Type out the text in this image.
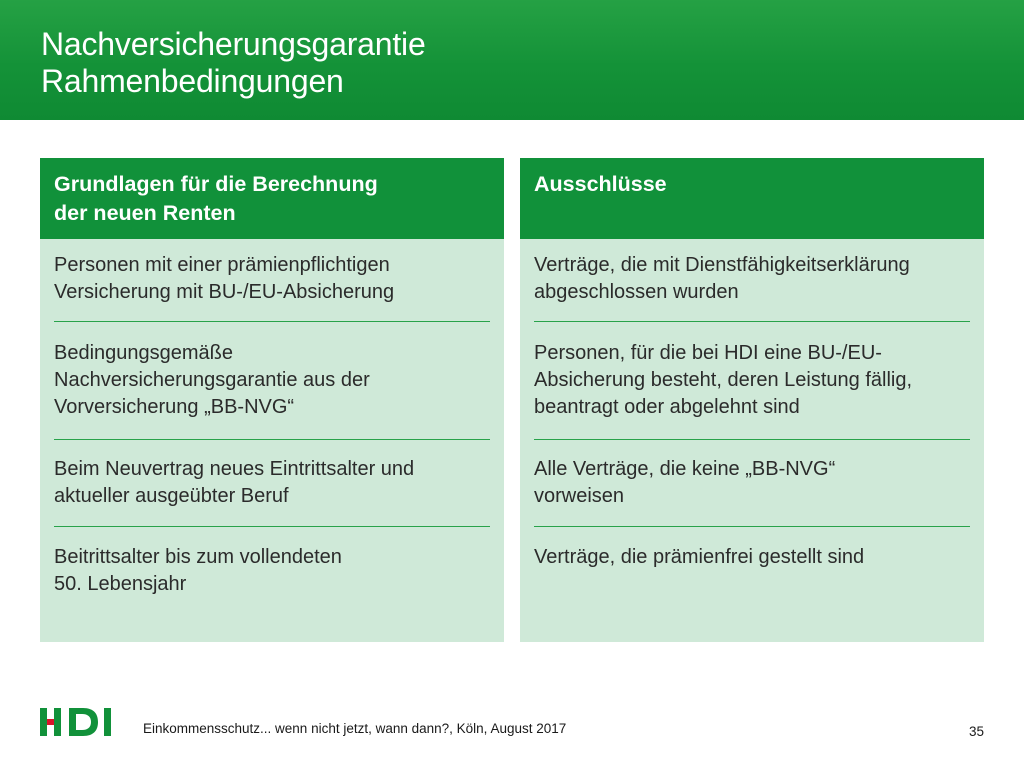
Nachversicherungsgarantie
Rahmenbedingungen
Grundlagen für die Berechnung
der neuen Renten
Personen mit einer prämienpflichtigen
Versicherung mit BU-/EU-Absicherung
Bedingungsgemäße
Nachversicherungsgarantie aus der
Vorversicherung „BB-NVG“
Beim Neuvertrag neues Eintrittsalter und
aktueller ausgeübter Beruf
Beitrittsalter bis zum vollendeten
50. Lebensjahr
Ausschlüsse
Verträge, die mit Dienstfähigkeitserklärung
abgeschlossen wurden
Personen, für die bei HDI eine BU-/EU-
Absicherung besteht, deren Leistung fällig,
beantragt oder abgelehnt sind
Alle Verträge, die keine „BB-NVG“
vorweisen
Verträge, die prämienfrei gestellt sind
Einkommensschutz... wenn nicht jetzt, wann dann?, Köln, August 2017	35
